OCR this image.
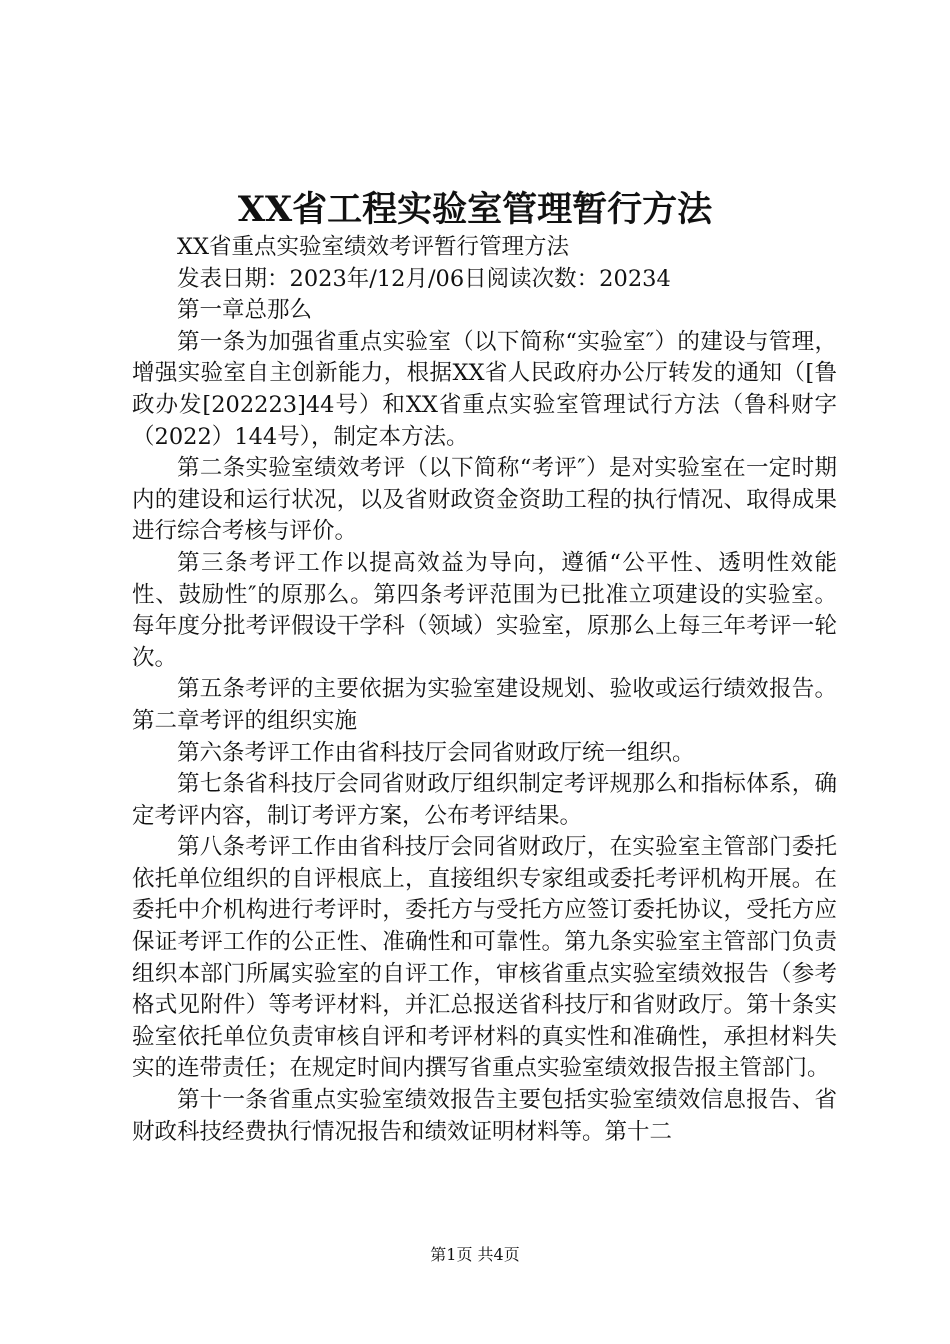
XX省工程实验室管理暂行方法

XX省重点实验室绩效考评暂行管理方法

发表日期：2023年/12月/06日阅读次数：20234

第一章总那么

第一条为加强省重点实验室（以下简称“实验室″）的建设与管理，增强实验室自主创新能力，根据XX省人民政府办公厅转发的通知（[鲁政办发[202223]44号）和XX省重点实验室管理试行方法（鲁科财字（2022）144号），制定本方法。

第二条实验室绩效考评（以下简称“考评″）是对实验室在一定时期内的建设和运行状况，以及省财政资金资助工程的执行情况、取得成果进行综合考核与评价。

第三条考评工作以提高效益为导向，遵循“公平性、透明性效能性、鼓励性″的原那么。第四条考评范围为已批准立项建设的实验室。每年度分批考评假设干学科（领域）实验室，原那么上每三年考评一轮次。

第五条考评的主要依据为实验室建设规划、验收或运行绩效报告。第二章考评的组织实施

第六条考评工作由省科技厅会同省财政厅统一组织。

第七条省科技厅会同省财政厅组织制定考评规那么和指标体系，确定考评内容，制订考评方案，公布考评结果。

第八条考评工作由省科技厅会同省财政厅，在实验室主管部门委托依托单位组织的自评根底上，直接组织专家组或委托考评机构开展。在委托中介机构进行考评时，委托方与受托方应签订委托协议，受托方应保证考评工作的公正性、准确性和可靠性。第九条实验室主管部门负责组织本部门所属实验室的自评工作，审核省重点实验室绩效报告（参考格式见附件）等考评材料，并汇总报送省科技厅和省财政厅。第十条实验室依托单位负责审核自评和考评材料的真实性和准确性，承担材料失实的连带责任；在规定时间内撰写省重点实验室绩效报告报主管部门。

第十一条省重点实验室绩效报告主要包括实验室绩效信息报告、省财政科技经费执行情况报告和绩效证明材料等。第十二

第1页 共4页
